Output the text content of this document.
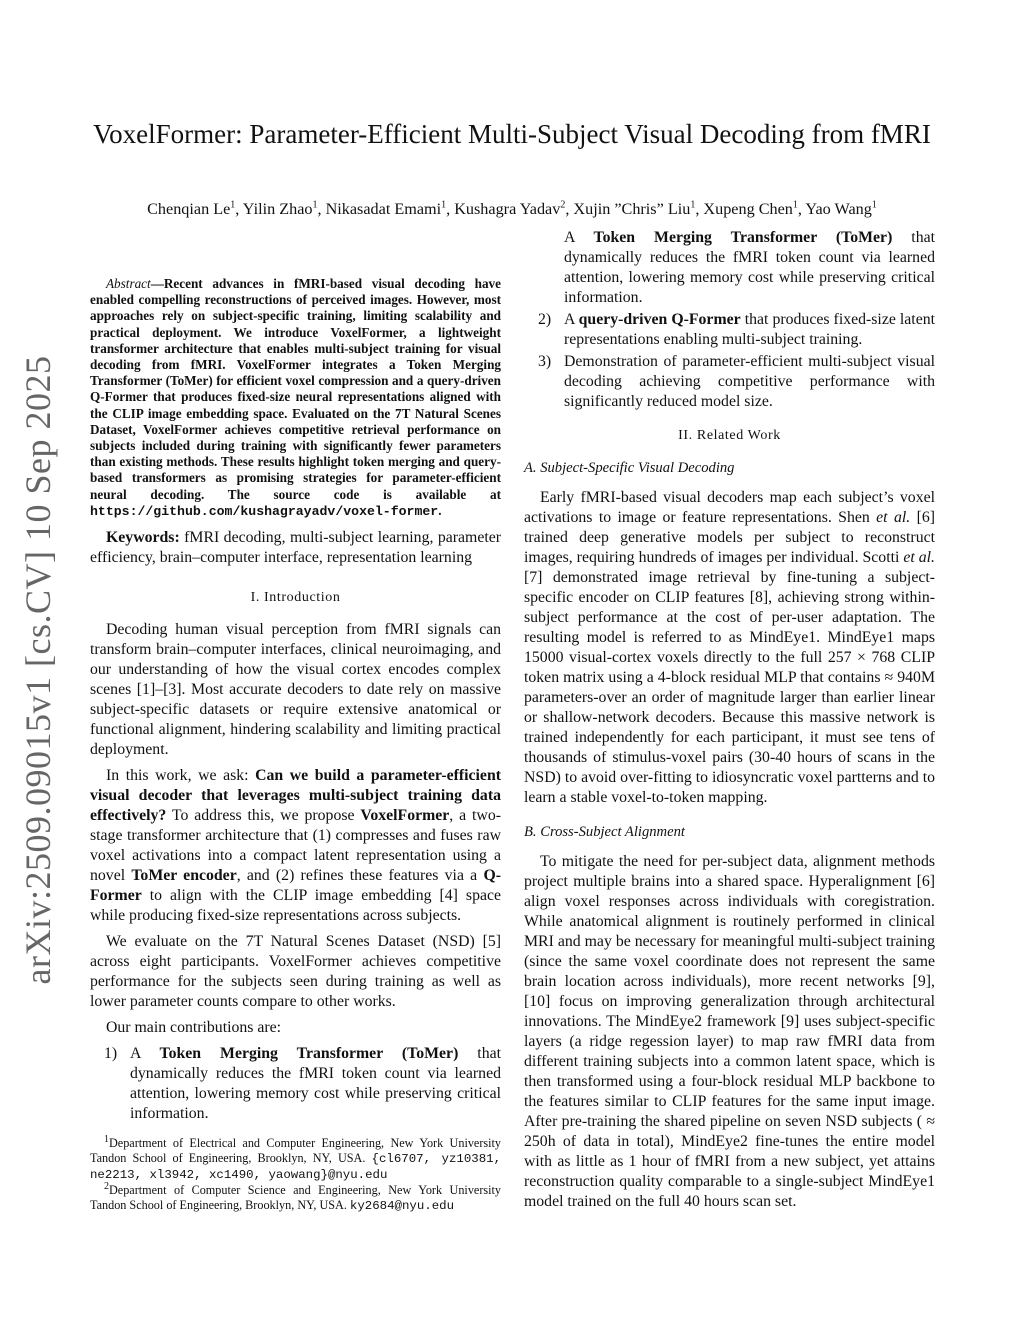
arXiv:2509.09015v1 [cs.CV] 10 Sep 2025
VoxelFormer: Parameter-Efficient Multi-Subject Visual Decoding from fMRI
Chenqian Le$^1$, Yilin Zhao$^1$, Nikasadat Emami$^1$, Kushagra Yadav$^2$, Xujin ”Chris” Liu$^1$, Xupeng Chen$^1$, Yao Wang$^1$

Abstract—Recent advances in fMRI-based visual decoding have enabled compelling reconstructions of perceived images. However, most approaches rely on subject-specific training, limiting scalability and practical deployment. We introduce VoxelFormer, a lightweight transformer architecture that enables multi-subject training for visual decoding from fMRI. VoxelFormer integrates a Token Merging Transformer (ToMer) for efficient voxel compression and a query-driven Q-Former that produces fixed-size neural representations aligned with the CLIP image embedding space. Evaluated on the 7T Natural Scenes Dataset, VoxelFormer achieves competitive retrieval performance on subjects included during training with significantly fewer parameters than existing methods. These results highlight token merging and query-based transformers as promising strategies for parameter-efficient neural decoding. The source code is available at https://github.com/kushagrayadv/voxel-former.

Keywords: fMRI decoding, multi-subject learning, parameter efficiency, brain–computer interface, representation learning

I. Introduction

Decoding human visual perception from fMRI signals can transform brain–computer interfaces, clinical neuroimaging, and our understanding of how the visual cortex encodes complex scenes [1]–[3]. Most accurate decoders to date rely on massive subject-specific datasets or require extensive anatomical or functional alignment, hindering scalability and limiting practical deployment.

In this work, we ask: Can we build a parameter-efficient visual decoder that leverages multi-subject training data effectively? To address this, we propose VoxelFormer, a two-stage transformer architecture that (1) compresses and fuses raw voxel activations into a compact latent representation using a novel ToMer encoder, and (2) refines these features via a Q-Former to align with the CLIP image embedding [4] space while producing fixed-size representations across subjects.

We evaluate on the 7T Natural Scenes Dataset (NSD) [5] across eight participants. VoxelFormer achieves competitive performance for the subjects seen during training as well as lower parameter counts compare to other works.

Our main contributions are:

1) A Token Merging Transformer (ToMer) that dynamically reduces the fMRI token count via learned attention, lowering memory cost while preserving critical information.

$^1$Department of Electrical and Computer Engineering, New York University Tandon School of Engineering, Brooklyn, NY, USA. {cl6707, yz10381, ne2213, xl3942, xc1490, yaowang}@nyu.edu

$^2$Department of Computer Science and Engineering, New York University Tandon School of Engineering, Brooklyn, NY, USA. ky2684@nyu.edu

A Token Merging Transformer (ToMer) that dynamically reduces the fMRI token count via learned attention, lowering memory cost while preserving critical information.
2) A query-driven Q-Former that produces fixed-size latent representations enabling multi-subject training.
3) Demonstration of parameter-efficient multi-subject visual decoding achieving competitive performance with significantly reduced model size.
II. Related Work
A. Subject-Specific Visual Decoding

Early fMRI-based visual decoders map each subject’s voxel activations to image or feature representations. Shen et al. [6] trained deep generative models per subject to reconstruct images, requiring hundreds of images per individual. Scotti et al. [7] demonstrated image retrieval by fine-tuning a subject-specific encoder on CLIP features [8], achieving strong within-subject performance at the cost of per-user adaptation. The resulting model is referred to as MindEye1. MindEye1 maps 15000 visual-cortex voxels directly to the full 257 × 768 CLIP token matrix using a 4-block residual MLP that contains ≈ 940M parameters-over an order of magnitude larger than earlier linear or shallow-network decoders. Because this massive network is trained independently for each participant, it must see tens of thousands of stimulus-voxel pairs (30-40 hours of scans in the NSD) to avoid over-fitting to idiosyncratic voxel partterns and to learn a stable voxel-to-token mapping.

B. Cross-Subject Alignment

To mitigate the need for per-subject data, alignment methods project multiple brains into a shared space. Hyperalignment [6] align voxel responses across individuals with coregistration. While anatomical alignment is routinely performed in clinical MRI and may be necessary for meaningful multi-subject training (since the same voxel coordinate does not represent the same brain location across individuals), more recent networks [9], [10] focus on improving generalization through architectural innovations. The MindEye2 framework [9] uses subject-specific layers (a ridge regession layer) to map raw fMRI data from different training subjects into a common latent space, which is then transformed using a four-block residual MLP backbone to the features similar to CLIP features for the same input image. After pre-training the shared pipeline on seven NSD subjects ( ≈ 250h of data in total), MindEye2 fine-tunes the entire model with as little as 1 hour of fMRI from a new subject, yet attains reconstruction quality comparable to a single-subject MindEye1 model trained on the full 40 hours scan set.
